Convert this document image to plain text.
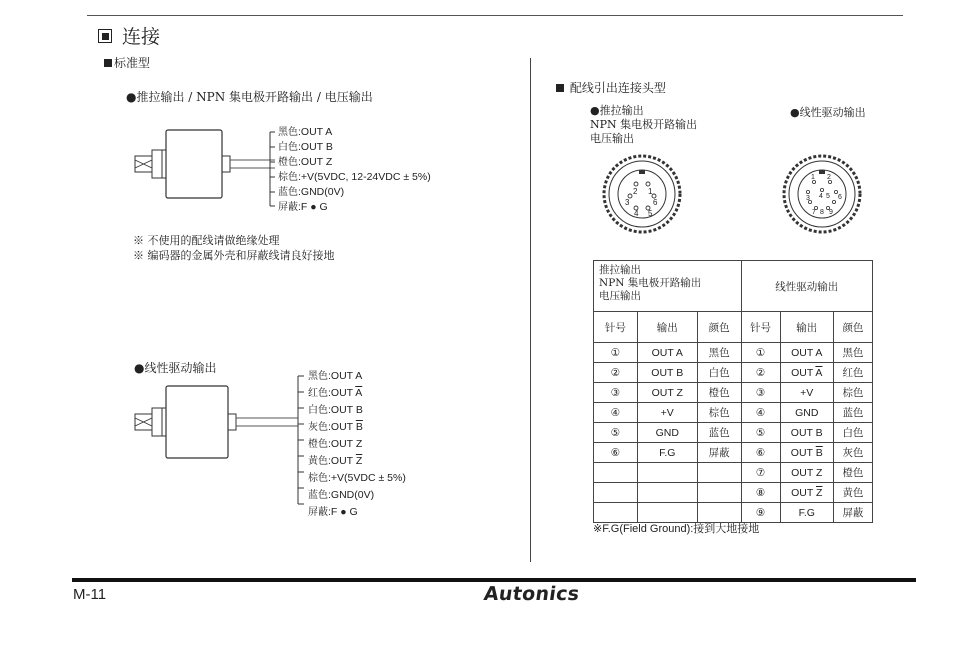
连接
标准型
●推拉输出 / NPN 集电极开路输出 / 电压输出
黑色:OUT A
白色:OUT B
橙色:OUT Z
棕色:+V(5VDC, 12-24VDC ± 5%)
蓝色:GND(0V)
屏蔽:F ● G
※ 不使用的配线请做绝缘处理
※ 编码器的金属外壳和屏蔽线请良好接地
●线性驱动输出
黑色:OUT A
红色:OUT $\overline{A}$
白色:OUT B
灰色:OUT $\overline{B}$
橙色:OUT Z
黄色:OUT $\overline{Z}$
棕色:+V(5VDC ± 5%)
蓝色:GND(0V)
屏蔽:F ● G
配线引出连接头型
●推拉输出
NPN 集电极开路输出
电压输出
●线性驱动输出
1
2
3
4 5
6
1 2
3 4 5 6
7 8 9
推拉输出
NPN 集电极开路输出
电压输出			线性驱动输出		
针号	输出	颜色	针号	输出	颜色
①	OUT A	黑色	①	OUT A	黑色
②	OUT B	白色	②	OUT $\overline{A}$	红色
③	OUT Z	橙色	③	+V	棕色
④	+V	棕色	④	GND	蓝色
⑤	GND	蓝色	⑤	OUT B	白色
⑥	F.G	屏蔽	⑥	OUT $\overline{B}$	灰色
			⑦	OUT Z	橙色
			⑧	OUT $\overline{Z}$	黄色
			⑨	F.G	屏蔽
※F.G(Field Ground):接到大地接地
M-11	Autonics
